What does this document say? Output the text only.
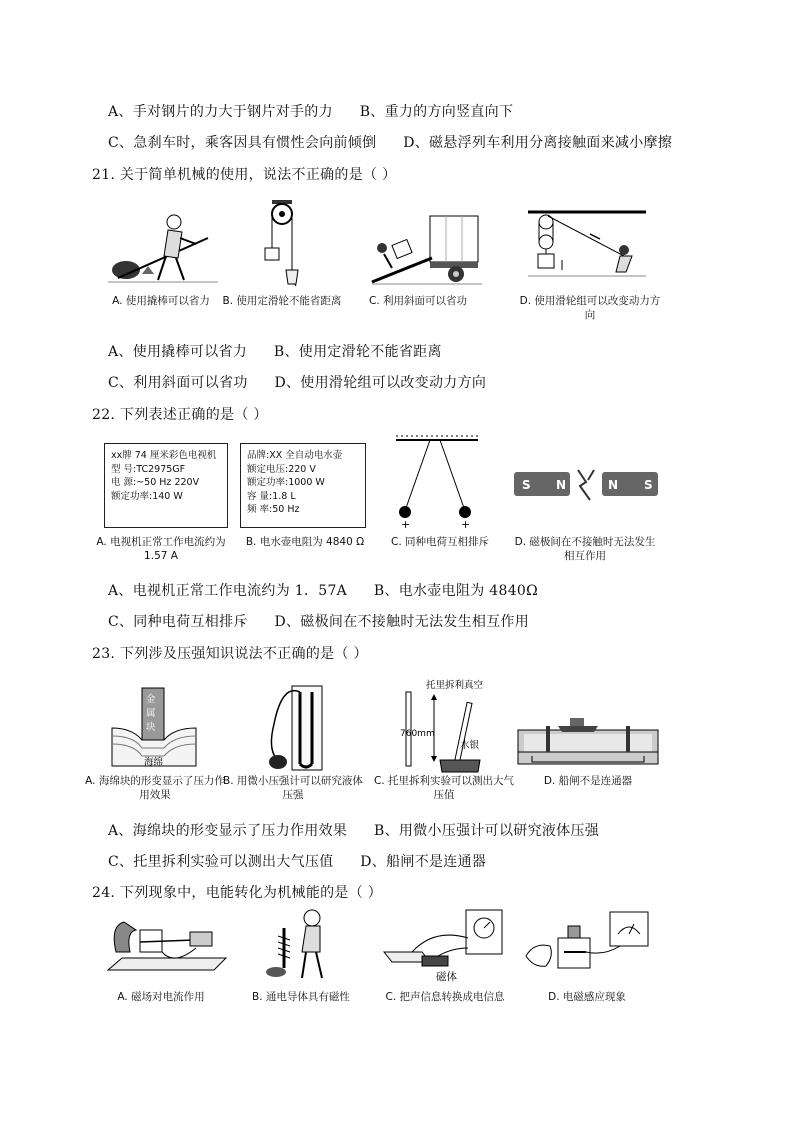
A、手对钢片的力大于钢片对手的力 B、重力的方向竖直向下
C、急刹车时，乘客因具有惯性会向前倾倒 D、磁悬浮列车利用分离接触面来减小摩擦
21. 关于简单机械的使用，说法不正确的是（ ）
A. 使用撬棒可以省力	B. 使用定滑轮不能省距离	C. 利用斜面可以省功	D. 使用滑轮组可以改变动力方向
A、使用撬棒可以省力 B、使用定滑轮不能省距离
C、利用斜面可以省功 D、使用滑轮组可以改变动力方向
22. 下列表述正确的是（ ）
xx牌 74 厘米彩色电视机
型 号:TC2975GF
电 源:~50 Hz 220V
额定功率:140 W
A. 电视机正常工作电流约为 1.57 A
品牌:XX 全自动电水壶
额定电压:220 V
额定功率:1000 W
容 量:1.8 L
频 率:50 Hz
B. 电水壶电阻为 4840 Ω
+	+
C. 同种电荷互相排斥
S N	N S
D. 磁极间在不接触时无法发生相互作用
A、电视机正常工作电流约为 1．57A B、电水壶电阻为 4840Ω
C、同种电荷互相排斥 D、磁极间在不接触时无法发生相互作用
23. 下列涉及压强知识说法不正确的是（ ）
金
属
块
海绵
A. 海绵块的形变显示了压力作用效果
B. 用微小压强计可以研究液体压强
托里拆利真空
760mm
水银
C. 托里拆利实验可以测出大气压值
D. 船闸不是连通器
A、海绵块的形变显示了压力作用效果 B、用微小压强计可以研究液体压强
C、托里拆利实验可以测出大气压值 D、船闸不是连通器
24. 下列现象中，电能转化为机械能的是（ ）
A. 磁场对电流作用	B. 通电导体具有磁性
磁体
C. 把声信息转换成电信息	D. 电磁感应现象
